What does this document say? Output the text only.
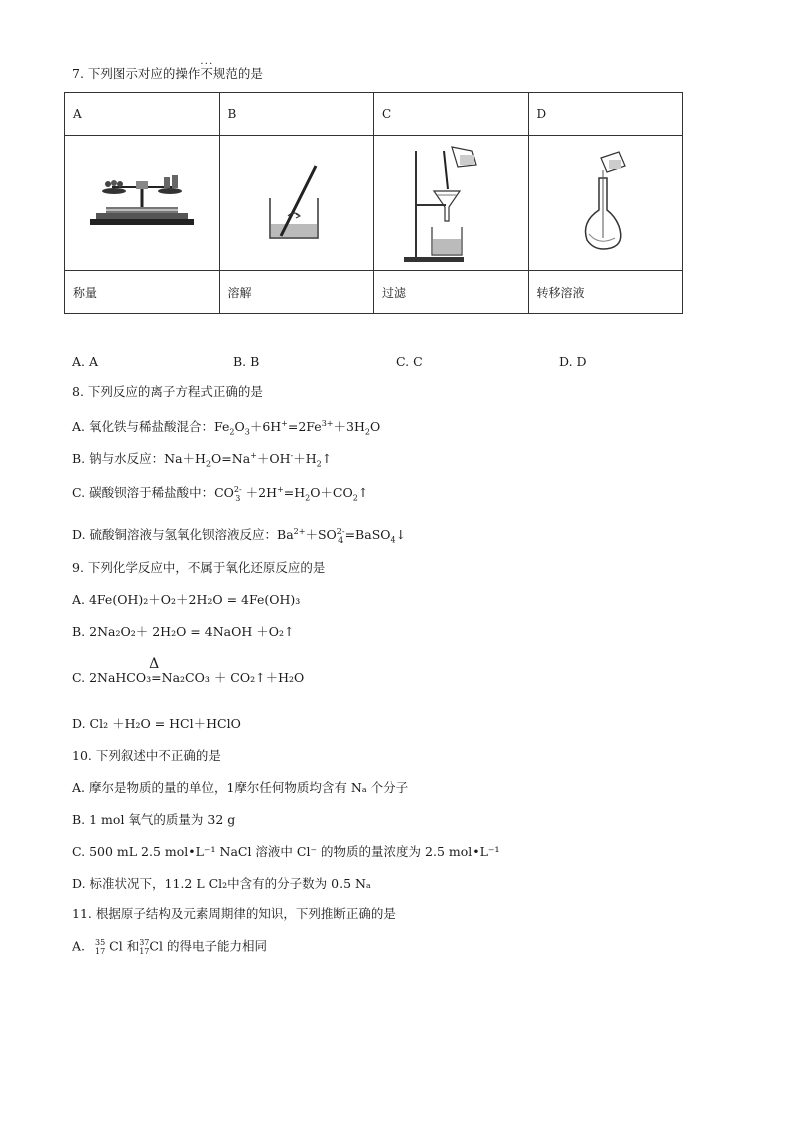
7. 下列图示对应的操作不规范 · · ·的是
A	B	C	D

称量	溶解	过滤	转移溶液
A. A	B. B	C. C	D. D
8. 下列反应的离子方程式正确的是
A. 氧化铁与稀盐酸混合：$Fe_2O_3+6H^+=2Fe^{3+}+3H_2O$
B. 钠与水反应：$Na+H_2O=Na^++OH^-+H_2↑$
C. 碳酸钡溶于稀盐酸中：CO2-
$3 +2H^+=H_2O+CO_2↑$
D. 硫酸铜溶液与氢氧化钡溶液反应：$Ba^{2+}+SO2-$
4=BaSO$_4$↓
9. 下列化学反应中，不属于氧化还原反应的是
A. 4Fe(OH)₂＋O₂＋2H₂O = 4Fe(OH)₃
B. 2Na₂O₂＋ 2H₂O = 4NaOH ＋O₂↑
C. 2NaHCO₃
Δ
=Na₂CO₃ ＋ CO₂↑＋H₂O
D. Cl₂ ＋H₂O = HCl＋HClO
10. 下列叙述中不正确的是
A. 摩尔是物质的量的单位，1摩尔任何物质均含有 Nₐ 个分子
B. 1 mol 氧气的质量为 32 g
C. 500 mL 2.5 mol•L⁻¹ NaCl 溶液中 Cl⁻ 的物质的量浓度为 2.5 mol•L⁻¹
D. 标准状况下，11.2 L Cl₂中含有的分子数为 0.5 Nₐ
11. 根据原子结构及元素周期律的知识，下列推断正确的是
A. 35
17 Cl 和37
17Cl 的得电子能力相同
